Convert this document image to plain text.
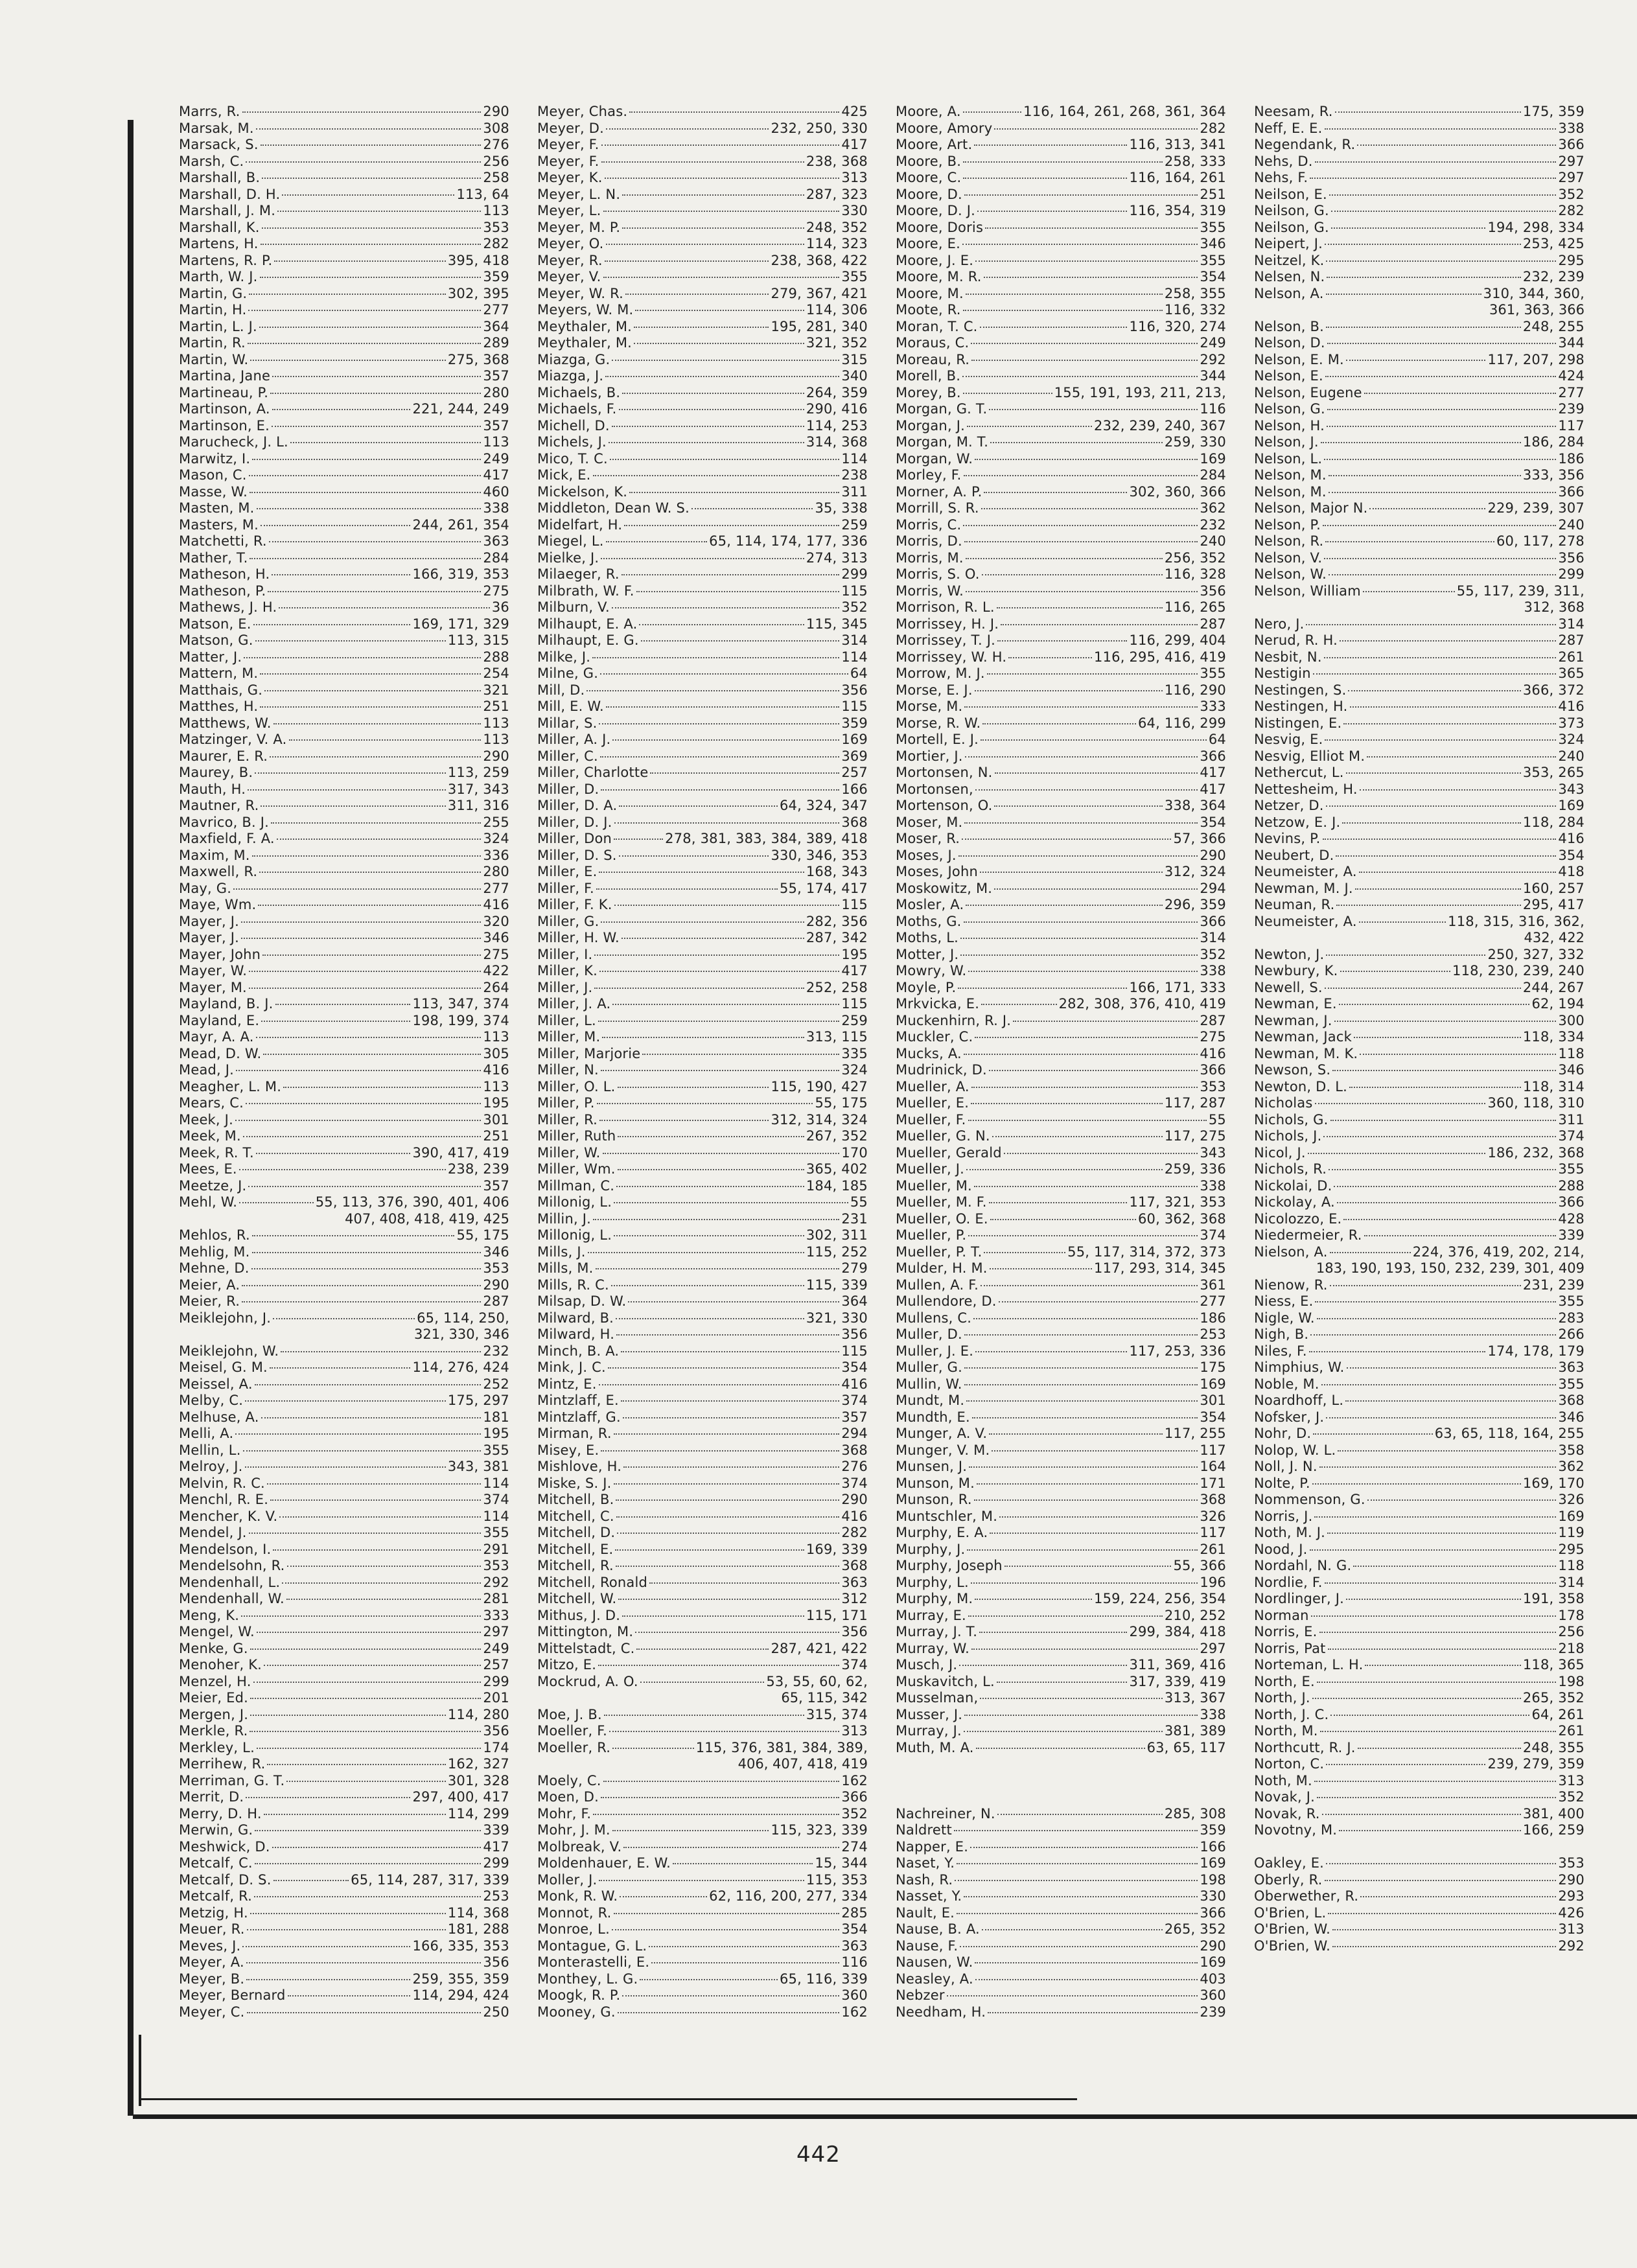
Marrs, R.	290
Marsak, M.	308
Marsack, S.	276
Marsh, C.	256
Marshall, B.	258
Marshall, D. H.	113, 64
Marshall, J. M.	113
Marshall, K.	353
Martens, H.	282
Martens, R. P.	395, 418
Marth, W. J.	359
Martin, G.	302, 395
Martin, H.	277
Martin, L. J.	364
Martin, R.	289
Martin, W.	275, 368
Martina, Jane	357
Martineau, P.	280
Martinson, A.	221, 244, 249
Martinson, E.	357
Marucheck, J. L.	113
Marwitz, I.	249
Mason, C.	417
Masse, W.	460
Masten, M.	338
Masters, M.	244, 261, 354
Matchetti, R.	363
Mather, T.	284
Matheson, H.	166, 319, 353
Matheson, P.	275
Mathews, J. H.	36
Matson, E.	169, 171, 329
Matson, G.	113, 315
Matter, J.	288
Mattern, M.	254
Matthais, G.	321
Matthes, H.	251
Matthews, W.	113
Matzinger, V. A.	113
Maurer, E. R.	290
Maurey, B.	113, 259
Mauth, H.	317, 343
Mautner, R.	311, 316
Mavrico, B. J.	255
Maxfield, F. A.	324
Maxim, M.	336
Maxwell, R.	280
May, G.	277
Maye, Wm.	416
Mayer, J.	320
Mayer, J.	346
Mayer, John	275
Mayer, W.	422
Mayer, M.	264
Mayland, B. J.	113, 347, 374
Mayland, E.	198, 199, 374
Mayr, A. A.	113
Mead, D. W.	305
Mead, J.	416
Meagher, L. M.	113
Mears, C.	195
Meek, J.	301
Meek, M.	251
Meek, R. T.	390, 417, 419
Mees, E.	238, 239
Meetze, J.	357
Mehl, W.	55, 113, 376, 390, 401, 406
407, 408, 418, 419, 425
Mehlos, R.	55, 175
Mehlig, M.	346
Mehne, D.	353
Meier, A.	290
Meier, R.	287
Meiklejohn, J.	65, 114, 250,
321, 330, 346
Meiklejohn, W.	232
Meisel, G. M.	114, 276, 424
Meissel, A.	252
Melby, C.	175, 297
Melhuse, A.	181
Melli, A.	195
Mellin, L.	355
Melroy, J.	343, 381
Melvin, R. C.	114
Menchl, R. E.	374
Mencher, K. V.	114
Mendel, J.	355
Mendelson, I.	291
Mendelsohn, R.	353
Mendenhall, L.	292
Mendenhall, W.	281
Meng, K.	333
Mengel, W.	297
Menke, G.	249
Menoher, K.	257
Menzel, H.	299
Meier, Ed.	201
Mergen, J.	114, 280
Merkle, R.	356
Merkley, L.	174
Merrihew, R.	162, 327
Merriman, G. T.	301, 328
Merrit, D.	297, 400, 417
Merry, D. H.	114, 299
Merwin, G.	339
Meshwick, D.	417
Metcalf, C.	299
Metcalf, D. S.	65, 114, 287, 317, 339
Metcalf, R.	253
Metzig, H.	114, 368
Meuer, R.	181, 288
Meves, J.	166, 335, 353
Meyer, A.	356
Meyer, B.	259, 355, 359
Meyer, Bernard	114, 294, 424
Meyer, C.	250
Meyer, Chas.	425
Meyer, D.	232, 250, 330
Meyer, F.	417
Meyer, F.	238, 368
Meyer, K.	313
Meyer, L. N.	287, 323
Meyer, L.	330
Meyer, M. P.	248, 352
Meyer, O.	114, 323
Meyer, R.	238, 368, 422
Meyer, V.	355
Meyer, W. R.	279, 367, 421
Meyers, W. M.	114, 306
Meythaler, M.	195, 281, 340
Meythaler, M.	321, 352
Miazga, G.	315
Miazga, J.	340
Michaels, B.	264, 359
Michaels, F.	290, 416
Michell, D.	114, 253
Michels, J.	314, 368
Mico, T. C.	114
Mick, E.	238
Mickelson, K.	311
Middleton, Dean W. S.	35, 338
Midelfart, H.	259
Miegel, L.	65, 114, 174, 177, 336
Mielke, J.	274, 313
Milaeger, R.	299
Milbrath, W. F.	115
Milburn, V.	352
Milhaupt, E. A.	115, 345
Milhaupt, E. G.	314
Milke, J.	114
Milne, G.	64
Mill, D.	356
Mill, E. W.	115
Millar, S.	359
Miller, A. J.	169
Miller, C.	369
Miller, Charlotte	257
Miller, D.	166
Miller, D. A.	64, 324, 347
Miller, D. J.	368
Miller, Don	278, 381, 383, 384, 389, 418
Miller, D. S.	330, 346, 353
Miller, E.	168, 343
Miller, F.	55, 174, 417
Miller, F. K.	115
Miller, G.	282, 356
Miller, H. W.	287, 342
Miller, I.	195
Miller, K.	417
Miller, J.	252, 258
Miller, J. A.	115
Miller, L.	259
Miller, M.	313, 115
Miller, Marjorie	335
Miller, N.	324
Miller, O. L.	115, 190, 427
Miller, P.	55, 175
Miller, R.	312, 314, 324
Miller, Ruth	267, 352
Miller, W.	170
Miller, Wm.	365, 402
Millman, C.	184, 185
Millonig, L.	55
Millin, J.	231
Millonig, L.	302, 311
Mills, J.	115, 252
Mills, M.	279
Mills, R. C.	115, 339
Milsap, D. W.	364
Milward, B.	321, 330
Milward, H.	356
Minch, B. A.	115
Mink, J. C.	354
Mintz, E.	416
Mintzlaff, E.	374
Mintzlaff, G.	357
Mirman, R.	294
Misey, E.	368
Mishlove, H.	276
Miske, S. J.	374
Mitchell, B.	290
Mitchell, C.	416
Mitchell, D.	282
Mitchell, E.	169, 339
Mitchell, R.	368
Mitchell, Ronald	363
Mitchell, W.	312
Mithus, J. D.	115, 171
Mittington, M.	356
Mittelstadt, C.	287, 421, 422
Mitzo, E.	374
Mockrud, A. O.	53, 55, 60, 62,
65, 115, 342
Moe, J. B.	315, 374
Moeller, F.	313
Moeller, R.	115, 376, 381, 384, 389,
406, 407, 418, 419
Moely, C.	162
Moen, D.	366
Mohr, F.	352
Mohr, J. M.	115, 323, 339
Molbreak, V.	274
Moldenhauer, E. W.	15, 344
Moller, J.	115, 353
Monk, R. W.	62, 116, 200, 277, 334
Monnot, R.	285
Monroe, L.	354
Montague, G. L.	363
Monterastelli, E.	116
Monthey, L. G.	65, 116, 339
Moogk, R. P.	360
Mooney, G.	162
Moore, A.	116, 164, 261, 268, 361, 364
Moore, Amory	282
Moore, Art.	116, 313, 341
Moore, B.	258, 333
Moore, C.	116, 164, 261
Moore, D.	251
Moore, D. J.	116, 354, 319
Moore, Doris	355
Moore, E.	346
Moore, J. E.	355
Moore, M. R.	354
Moore, M.	258, 355
Moote, R.	116, 332
Moran, T. C.	116, 320, 274
Moraus, C.	249
Moreau, R.	292
Morell, B.	344
Morey, B.	155, 191, 193, 211, 213,
Morgan, G. T.	116
Morgan, J.	232, 239, 240, 367
Morgan, M. T.	259, 330
Morgan, W.	169
Morley, F.	284
Morner, A. P.	302, 360, 366
Morrill, S. R.	362
Morris, C.	232
Morris, D.	240
Morris, M.	256, 352
Morris, S. O.	116, 328
Morris, W.	356
Morrison, R. L.	116, 265
Morrissey, H. J.	287
Morrissey, T. J.	116, 299, 404
Morrissey, W. H.	116, 295, 416, 419
Morrow, M. J.	355
Morse, E. J.	116, 290
Morse, M.	333
Morse, R. W.	64, 116, 299
Mortell, E. J.	64
Mortier, J.	366
Mortonsen, N.	417
Mortonsen,	417
Mortenson, O.	338, 364
Moser, M.	354
Moser, R.	57, 366
Moses, J.	290
Moses, John	312, 324
Moskowitz, M.	294
Mosler, A.	296, 359
Moths, G.	366
Moths, L.	314
Motter, J.	352
Mowry, W.	338
Moyle, P.	166, 171, 333
Mrkvicka, E.	282, 308, 376, 410, 419
Muckenhirn, R. J.	287
Muckler, C.	275
Mucks, A.	416
Mudrinick, D.	366
Mueller, A.	353
Mueller, E.	117, 287
Mueller, F.	55
Mueller, G. N.	117, 275
Mueller, Gerald	343
Mueller, J.	259, 336
Mueller, M.	338
Mueller, M. F.	117, 321, 353
Mueller, O. E.	60, 362, 368
Mueller, P.	374
Mueller, P. T.	55, 117, 314, 372, 373
Mulder, H. M.	117, 293, 314, 345
Mullen, A. F.	361
Mullendore, D.	277
Mullens, C.	186
Muller, D.	253
Muller, J. E.	117, 253, 336
Muller, G.	175
Mullin, W.	169
Mundt, M.	301
Mundth, E.	354
Munger, A. V.	117, 255
Munger, V. M.	117
Munsen, J.	164
Munson, M.	171
Munson, R.	368
Muntschler, M.	326
Murphy, E. A.	117
Murphy, J.	261
Murphy, Joseph	55, 366
Murphy, L.	196
Murphy, M.	159, 224, 256, 354
Murray, E.	210, 252
Murray, J. T.	299, 384, 418
Murray, W.	297
Musch, J.	311, 369, 416
Muskavitch, L.	317, 339, 419
Musselman,	313, 367
Musser, J.	338
Murray, J.	381, 389
Muth, M. A.	63, 65, 117
Nachreiner, N.	285, 308
Naldrett	359
Napper, E.	166
Naset, Y.	169
Nash, R.	198
Nasset, Y.	330
Nault, E.	366
Nause, B. A.	265, 352
Nause, F.	290
Nausen, W.	169
Neasley, A.	403
Nebzer	360
Needham, H.	239
Neesam, R.	175, 359
Neff, E. E.	338
Negendank, R.	366
Nehs, D.	297
Nehs, F.	297
Neilson, E.	352
Neilson, G.	282
Neilson, G.	194, 298, 334
Neipert, J.	253, 425
Neitzel, K.	295
Nelsen, N.	232, 239
Nelson, A.	310, 344, 360,
361, 363, 366
Nelson, B.	248, 255
Nelson, D.	344
Nelson, E. M.	117, 207, 298
Nelson, E.	424
Nelson, Eugene	277
Nelson, G.	239
Nelson, H.	117
Nelson, J.	186, 284
Nelson, L.	186
Nelson, M.	333, 356
Nelson, M.	366
Nelson, Major N.	229, 239, 307
Nelson, P.	240
Nelson, R.	60, 117, 278
Nelson, V.	356
Nelson, W.	299
Nelson, William	55, 117, 239, 311,
312, 368
Nero, J.	314
Nerud, R. H.	287
Nesbit, N.	261
Nestigin	365
Nestingen, S.	366, 372
Nestingen, H.	416
Nistingen, E.	373
Nesvig, E.	324
Nesvig, Elliot M.	240
Nethercut, L.	353, 265
Nettesheim, H.	343
Netzer, D.	169
Netzow, E. J.	118, 284
Nevins, P.	416
Neubert, D.	354
Neumeister, A.	418
Newman, M. J.	160, 257
Neuman, R.	295, 417
Neumeister, A.	118, 315, 316, 362,
432, 422
Newton, J.	250, 327, 332
Newbury, K.	118, 230, 239, 240
Newell, S.	244, 267
Newman, E.	62, 194
Newman, J.	300
Newman, Jack	118, 334
Newman, M. K.	118
Newson, S.	346
Newton, D. L.	118, 314
Nicholas	360, 118, 310
Nichols, G.	311
Nichols, J.	374
Nicol, J.	186, 232, 368
Nichols, R.	355
Nickolai, D.	288
Nickolay, A.	366
Nicolozzo, E.	428
Niedermeier, R.	339
Nielson, A.	224, 376, 419, 202, 214,
183, 190, 193, 150, 232, 239, 301, 409
Nienow, R.	231, 239
Niess, E.	355
Nigle, W.	283
Nigh, B.	266
Niles, F.	174, 178, 179
Nimphius, W.	363
Noble, M.	355
Noardhoff, L.	368
Nofsker, J.	346
Nohr, D.	63, 65, 118, 164, 255
Nolop, W. L.	358
Noll, J. N.	362
Nolte, P.	169, 170
Nommenson, G.	326
Norris, J.	169
Noth, M. J.	119
Nood, J.	295
Nordahl, N. G.	118
Nordlie, F.	314
Nordlinger, J.	191, 358
Norman	178
Norris, E.	256
Norris, Pat	218
Norteman, L. H.	118, 365
North, E.	198
North, J.	265, 352
North, J. C.	64, 261
North, M.	261
Northcutt, R. J.	248, 355
Norton, C.	239, 279, 359
Noth, M.	313
Novak, J.	352
Novak, R.	381, 400
Novotny, M.	166, 259
Oakley, E.	353
Oberly, R.	290
Oberwether, R.	293
O'Brien, L.	426
O'Brien, W.	313
O'Brien, W.	292
442
